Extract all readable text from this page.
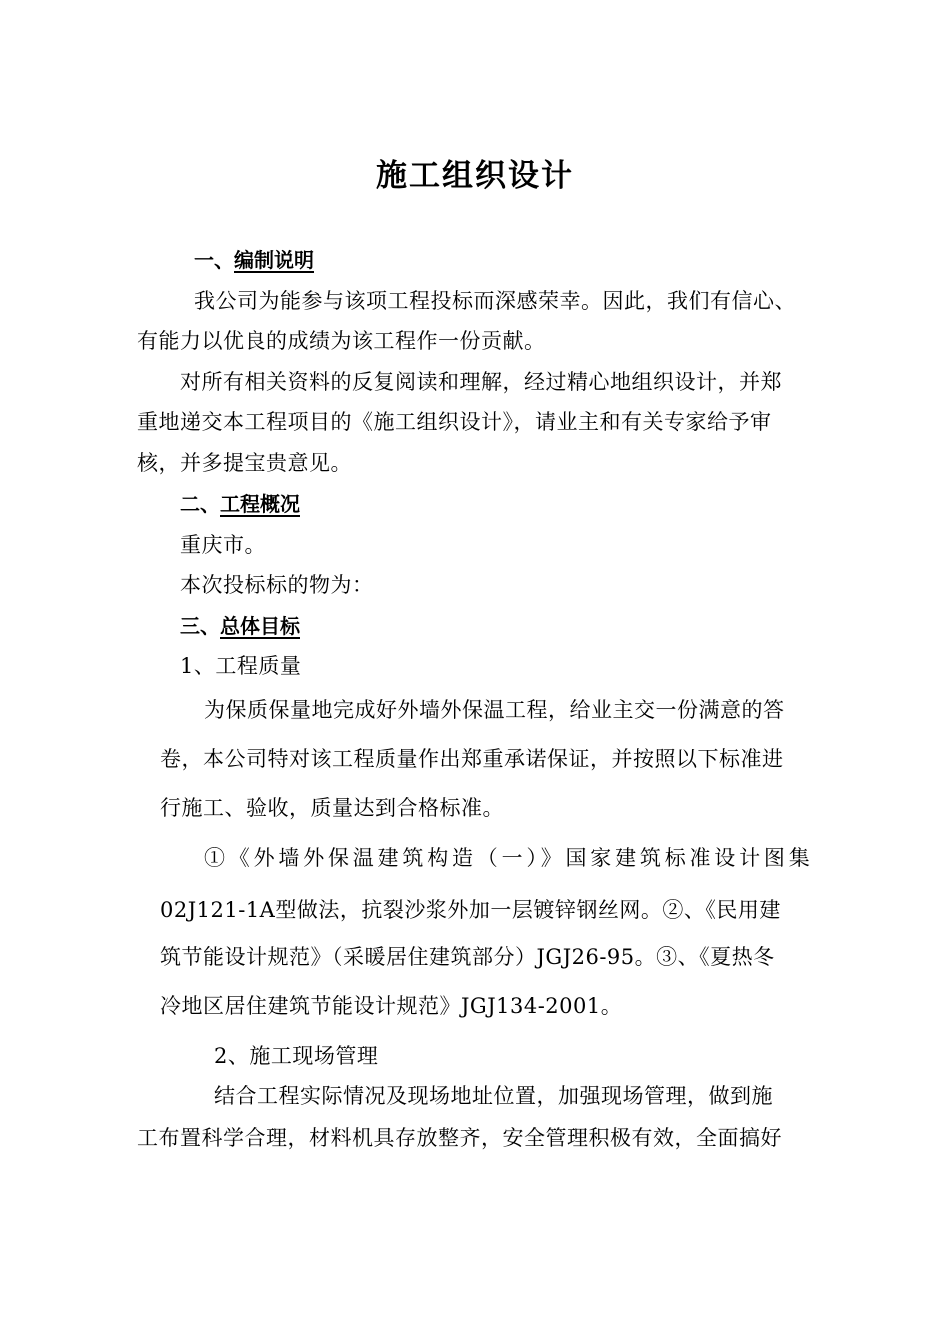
施工组织设计
一、编制说明
我公司为能参与该项工程投标而深感荣幸。因此，我们有信心、
有能力以优良的成绩为该工程作一份贡献。
对所有相关资料的反复阅读和理解，经过精心地组织设计，并郑
重地递交本工程项目的《施工组织设计》，请业主和有关专家给予审
核，并多提宝贵意见。
二、工程概况
重庆市。
本次投标标的物为：
三、总体目标
1、工程质量
为保质保量地完成好外墙外保温工程，给业主交一份满意的答
卷，本公司特对该工程质量作出郑重承诺保证，并按照以下标准进
行施工、验收，质量达到合格标准。
①《外墙外保温建筑构造（一）》国家建筑标准设计图集
02J121-1A型做法，抗裂沙浆外加一层镀锌钢丝网。②、《民用建
筑节能设计规范》（采暖居住建筑部分）JGJ26-95。③、《夏热冬
冷地区居住建筑节能设计规范》JGJ134-2001。
2、施工现场管理
结合工程实际情况及现场地址位置，加强现场管理，做到施
工布置科学合理，材料机具存放整齐，安全管理积极有效，全面搞好
